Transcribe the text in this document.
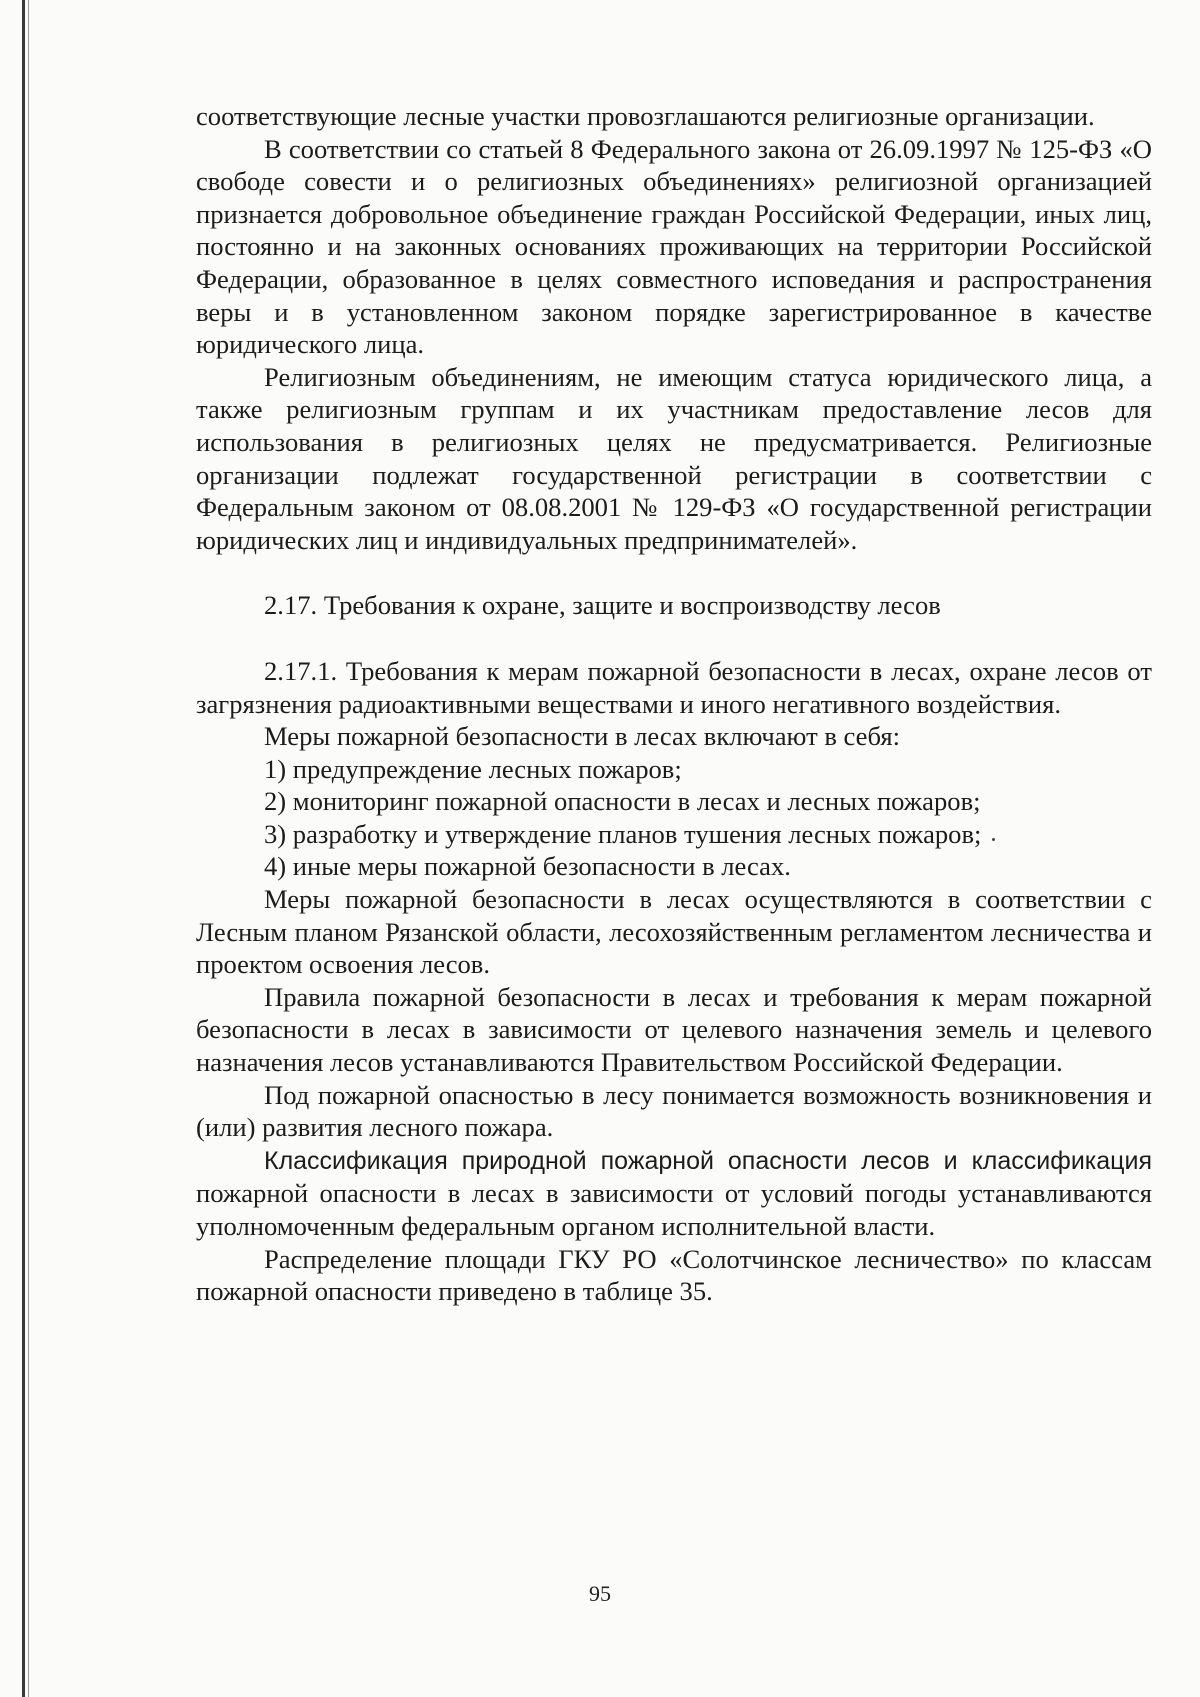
соответствующие лесные участки провозглашаются религиозные организации.

В соответствии со статьей 8 Федерального закона от 26.09.1997 № 125-ФЗ «О свободе совести и о религиозных объединениях» религиозной организацией признается добровольное объединение граждан Российской Федерации, иных лиц, постоянно и на законных основаниях проживающих на территории Российской Федерации, образованное в целях совместного исповедания и распространения веры и в установленном законом порядке зарегистрированное в качестве юридического лица.

Религиозным объединениям, не имеющим статуса юридического лица, а также религиозным группам и их участникам предоставление лесов для использования в религиозных целях не предусматривается. Религиозные организации подлежат государственной регистрации в соответствии с Федеральным законом от 08.08.2001 № 129-ФЗ «О государственной регистрации юридических лиц и индивидуальных предпринимателей».

2.17. Требования к охране, защите и воспроизводству лесов

2.17.1. Требования к мерам пожарной безопасности в лесах, охране лесов от загрязнения радиоактивными веществами и иного негативного воздействия.

Меры пожарной безопасности в лесах включают в себя:

1) предупреждение лесных пожаров;

2) мониторинг пожарной опасности в лесах и лесных пожаров;

3) разработку и утверждение планов тушения лесных пожаров;

4) иные меры пожарной безопасности в лесах.

Меры пожарной безопасности в лесах осуществляются в соответствии с Лесным планом Рязанской области, лесохозяйственным регламентом лесничества и проектом освоения лесов.

Правила пожарной безопасности в лесах и требования к мерам пожарной безопасности в лесах в зависимости от целевого назначения земель и целевого назначения лесов устанавливаются Правительством Российской Федерации.

Под пожарной опасностью в лесу понимается возможность возникновения и (или) развития лесного пожара.

Классификация природной пожарной опасности лесов и классификация пожарной опасности в лесах в зависимости от условий погоды устанавливаются уполномоченным федеральным органом исполнительной власти.

Распределение площади ГКУ РО «Солотчинское лесничество» по классам пожарной опасности приведено в таблице 35.

95
